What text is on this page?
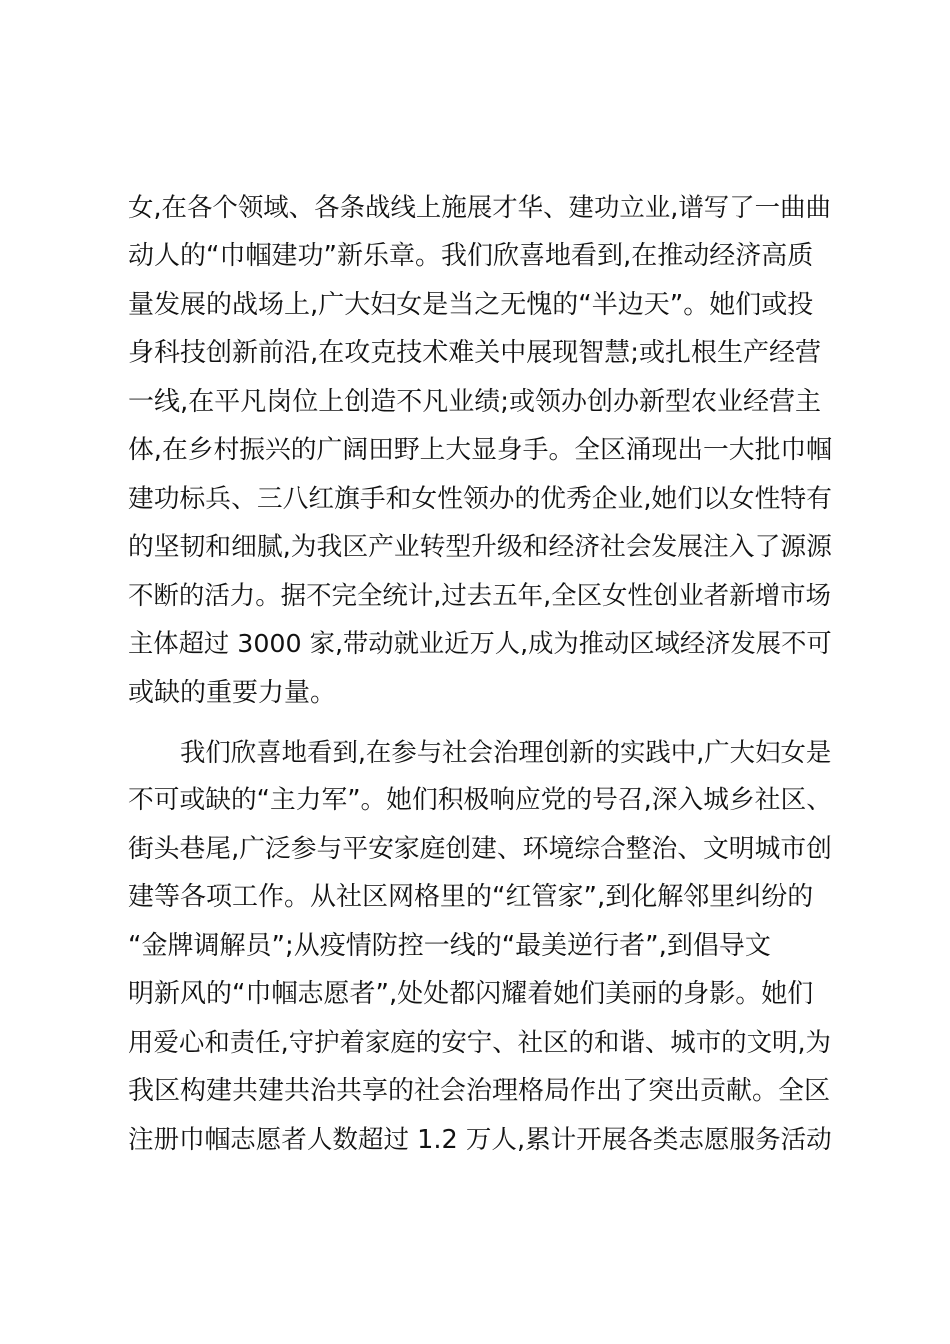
女,在各个领域、各条战线上施展才华、建功立业,谱写了一曲曲
动人的“巾帼建功”新乐章。我们欣喜地看到,在推动经济高质
量发展的战场上,广大妇女是当之无愧的“半边天”。她们或投
身科技创新前沿,在攻克技术难关中展现智慧;或扎根生产经营
一线,在平凡岗位上创造不凡业绩;或领办创办新型农业经营主
体,在乡村振兴的广阔田野上大显身手。全区涌现出一大批巾帼
建功标兵、三八红旗手和女性领办的优秀企业,她们以女性特有
的坚韧和细腻,为我区产业转型升级和经济社会发展注入了源源
不断的活力。据不完全统计,过去五年,全区女性创业者新增市场
主体超过 3000 家,带动就业近万人,成为推动区域经济发展不可
或缺的重要力量。
我们欣喜地看到,在参与社会治理创新的实践中,广大妇女是
不可或缺的“主力军”。她们积极响应党的号召,深入城乡社区、
街头巷尾,广泛参与平安家庭创建、环境综合整治、文明城市创
建等各项工作。从社区网格里的“红管家”,到化解邻里纠纷的
“金牌调解员”;从疫情防控一线的“最美逆行者”,到倡导文
明新风的“巾帼志愿者”,处处都闪耀着她们美丽的身影。她们
用爱心和责任,守护着家庭的安宁、社区的和谐、城市的文明,为
我区构建共建共治共享的社会治理格局作出了突出贡献。全区
注册巾帼志愿者人数超过 1.2 万人,累计开展各类志愿服务活动
